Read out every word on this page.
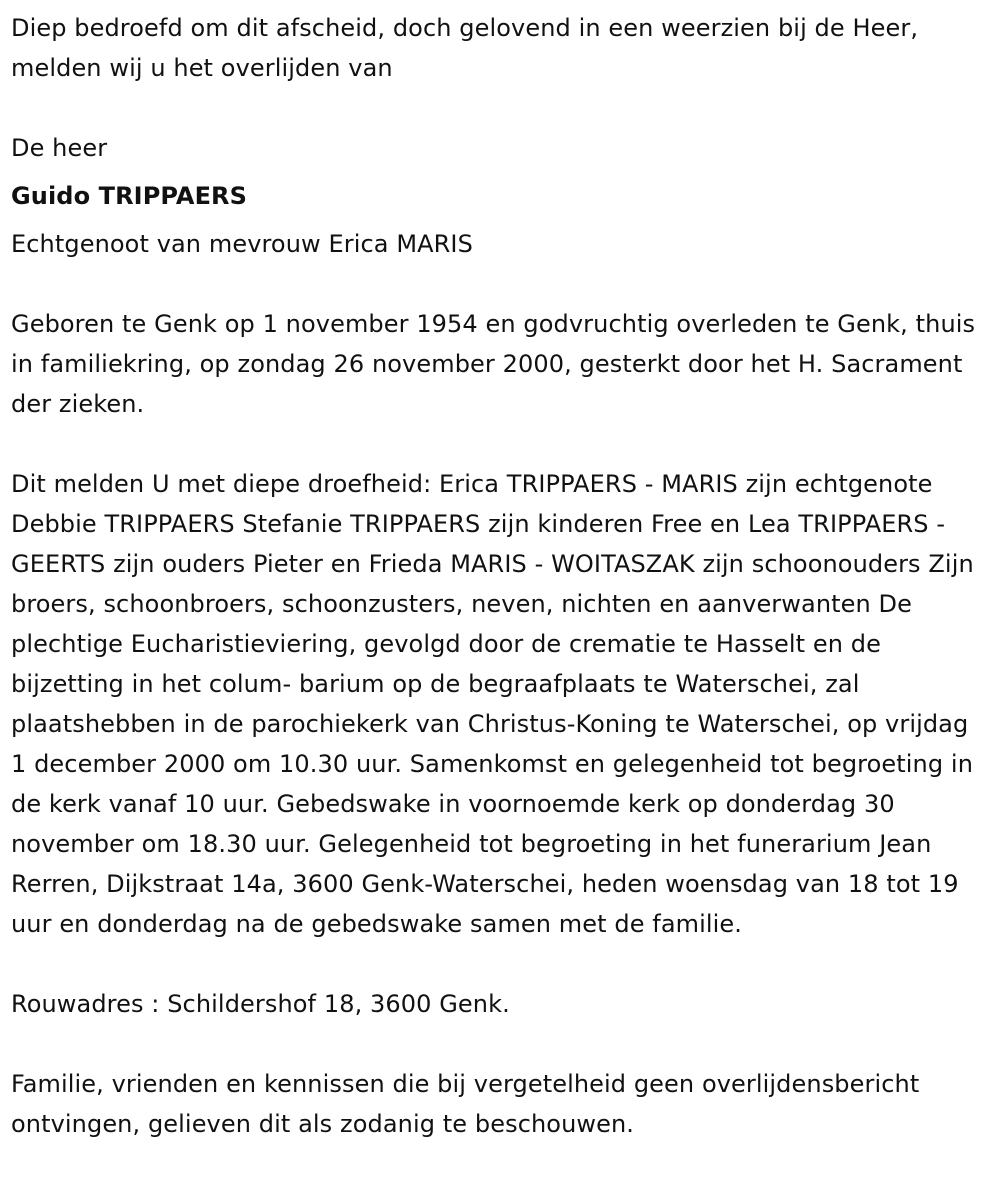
Diep bedroefd om dit afscheid, doch gelovend in een weerzien bij de Heer, melden wij u het overlijden van

De heer

Guido TRIPPAERS

Echtgenoot van mevrouw Erica MARIS

Geboren te Genk op 1 november 1954 en godvruchtig overleden te Genk, thuis in familiekring, op zondag 26 november 2000, gesterkt door het H. Sacrament der zieken.

Dit melden U met diepe droefheid: Erica TRIPPAERS - MARIS zijn echtgenote Debbie TRIPPAERS Stefanie TRIPPAERS zijn kinderen Free en Lea TRIPPAERS - GEERTS zijn ouders Pieter en Frieda MARIS - WOITASZAK zijn schoonouders Zijn broers, schoonbroers, schoonzusters, neven, nichten en aanverwanten De plechtige Eucharistieviering, gevolgd door de crematie te Hasselt en de bijzetting in het colum- barium op de begraafplaats te Waterschei, zal plaatshebben in de parochiekerk van Christus-Koning te Waterschei, op vrijdag 1 december 2000 om 10.30 uur. Samenkomst en gelegenheid tot begroeting in de kerk vanaf 10 uur. Gebedswake in voornoemde kerk op donderdag 30 november om 18.30 uur. Gelegenheid tot begroeting in het funerarium Jean Rerren, Dijkstraat 14a, 3600 Genk-Waterschei, heden woensdag van 18 tot 19 uur en donderdag na de gebedswake samen met de familie.

Rouwadres : Schildershof 18, 3600 Genk.

Familie, vrienden en kennissen die bij vergetelheid geen overlijdensbericht ontvingen, gelieven dit als zodanig te beschouwen.
